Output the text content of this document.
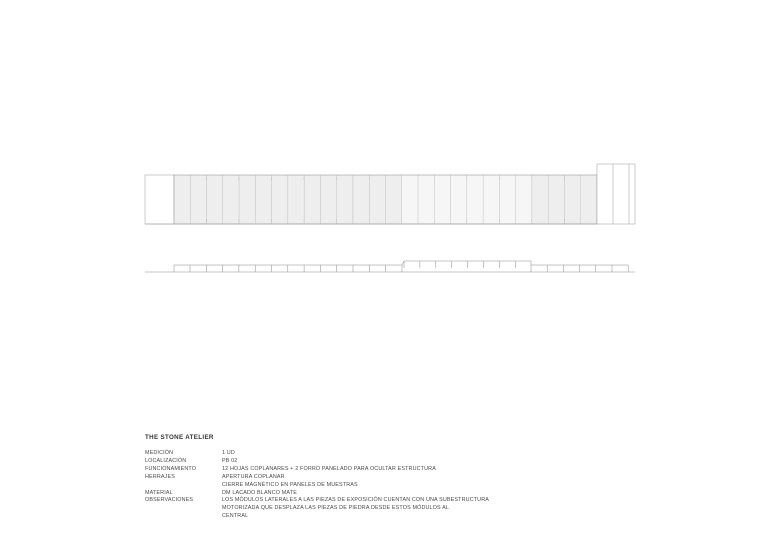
THE STONE ATELIER
MEDICIÓN	1 UD
LOCALIZACIÓN	PB 02
FUNCIONAMIENTO	12 HOJAS COPLANARES + 2 FORRO PANELADO PARA OCULTAR ESTRUCTURA
HERRAJES	APERTURA COPLANAR
CIERRE MAGNÉTICO EN PANELES DE MUESTRAS
MATERIAL	DM LACADO BLANCO MATE
OBSERVACIONES	LOS MÓDULOS LATERALES A LAS PIEZAS DE EXPOSICIÓN CUENTAN CON UNA SUBESTRUCTURA
MOTORIZADA QUE DESPLAZA LAS PIEZAS DE PIEDRA DESDE ESTOS MÓDULOS AL
CENTRAL
